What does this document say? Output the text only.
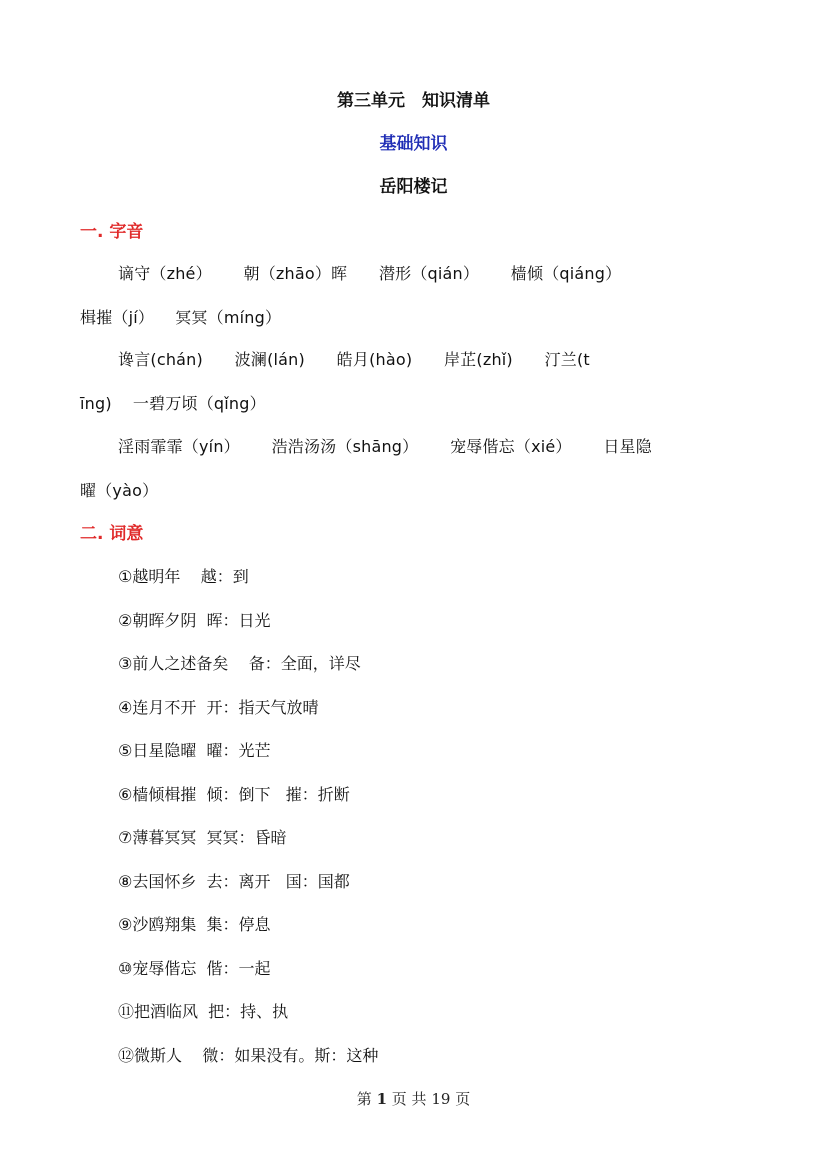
第三单元　知识清单
基础知识
岳阳楼记
一. 字音
谪守（zhé）      朝（zhāo）晖      潜形（qián）      樯倾（qiáng）
楫摧（jí）    冥冥（míng）
谗言(chán)      波澜(lán)      皓月(hào)      岸芷(zhǐ)      汀兰(t
īng)    一碧万顷（qǐng）
淫雨霏霏（yín）      浩浩汤汤（shāng）      宠辱偕忘（xié）      日星隐
曜（yào）
二. 词意
①越明年    越：到
②朝晖夕阴  晖：日光
③前人之述备矣    备：全面，详尽
④连月不开  开：指天气放晴
⑤日星隐曜  曜：光芒
⑥樯倾楫摧  倾：倒下   摧：折断
⑦薄暮冥冥  冥冥：昏暗
⑧去国怀乡  去：离开   国：国都
⑨沙鸥翔集  集：停息
⑩宠辱偕忘  偕：一起
⑪把酒临风  把：持、执
⑫微斯人    微：如果没有。斯：这种
第 1 页 共 19 页
